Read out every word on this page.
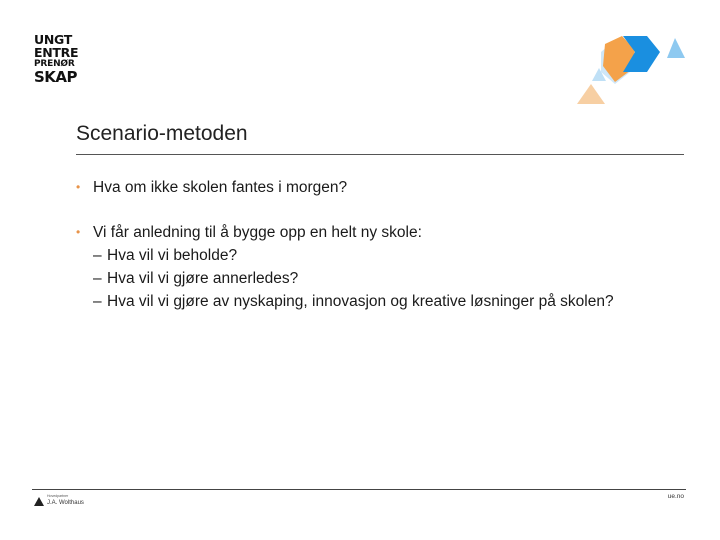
UNGT
ENTRE
PRENØR
SKAP
Scenario-metoden
• Hva om ikke skolen fantes i morgen?
• Vi får anledning til å bygge opp en helt ny skole:
– Hva vil vi beholde?
– Hva vil vi gjøre annerledes?
– Hva vil vi gjøre av nyskaping, innovasjon og kreative løsninger på skolen?
Hovedpartner
J.A. Wolthaus
ue.no
